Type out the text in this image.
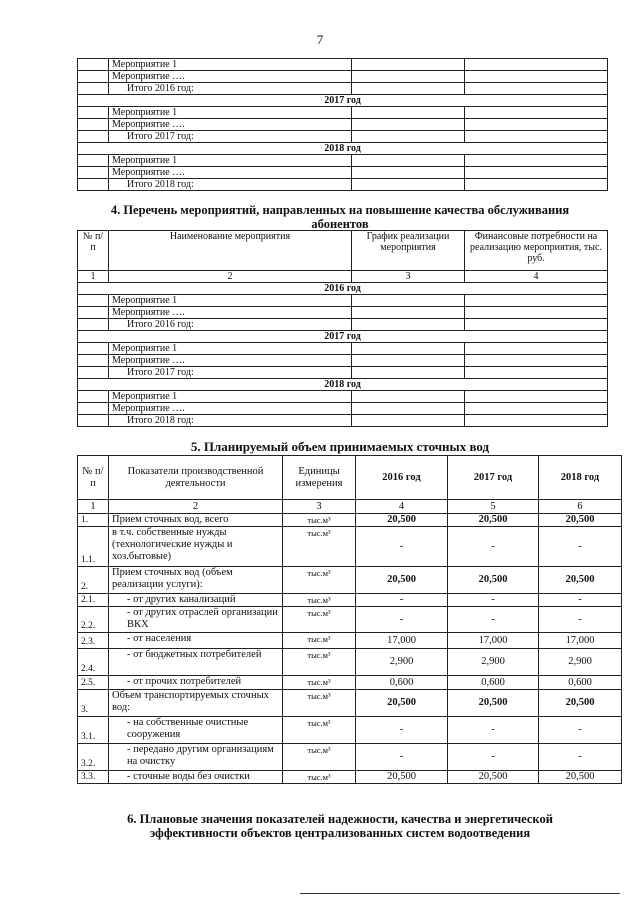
7
	Мероприятие 1		
	Мероприятие ….		
	Итого 2016 год:		
2017 год			
	Мероприятие 1		
	Мероприятие ….		
	Итого 2017 год:		
2018 год			
	Мероприятие 1		
	Мероприятие ….		
	Итого 2018 год:		
4. Перечень мероприятий, направленных на повышение качества обслуживания
абонентов
№ п/п	Наименование мероприятия	График реализации мероприятия	Финансовые потребности на реализацию мероприятия, тыс. руб.
1	2	3	4
2016 год			
	Мероприятие 1		
	Мероприятие ….		
	Итого 2016 год:		
2017 год			
	Мероприятие 1		
	Мероприятие ….		
	Итого 2017 год:		
2018 год			
	Мероприятие 1		
	Мероприятие ….		
	Итого 2018 год:		
5. Планируемый объем принимаемых сточных вод
№ п/п	Показатели производственной деятельности	Единицы измерения	2016 год	2017 год	2018 год
1	2	3	4	5	6
1.	Прием сточных вод, всего	тыс.м³	20,500	20,500	20,500
1.1.	в т.ч. собственные нужды (технологические нужды и хоз.бытовые)	тыс.м³	-	-	-
2.	Прием сточных вод (объем реализации услуги):	тыс.м³	20,500	20,500	20,500
2.1.	- от других канализаций	тыс.м³	-	-	-
2.2.	- от других отраслей организации ВКХ	тыс.м³	-	-	-
2.3.	- от населения	тыс.м³	17,000	17,000	17,000
2.4.	- от бюджетных потребителей	тыс.м³	2,900	2,900	2,900
2.5.	- от прочих потребителей	тыс.м³	0,600	0,600	0,600
3.	Объем транспортируемых сточных вод:	тыс.м³	20,500	20,500	20,500
3.1.	- на собственные очистные сооружения	тыс.м³	-	-	-
3.2.	- передано другим организациям на очистку	тыс.м³	-	-	-
3.3.	- сточные воды без очистки	тыс.м³	20,500	20,500	20,500
6. Плановые значения показателей надежности, качества и энергетической
эффективности объектов централизованных систем водоотведения
